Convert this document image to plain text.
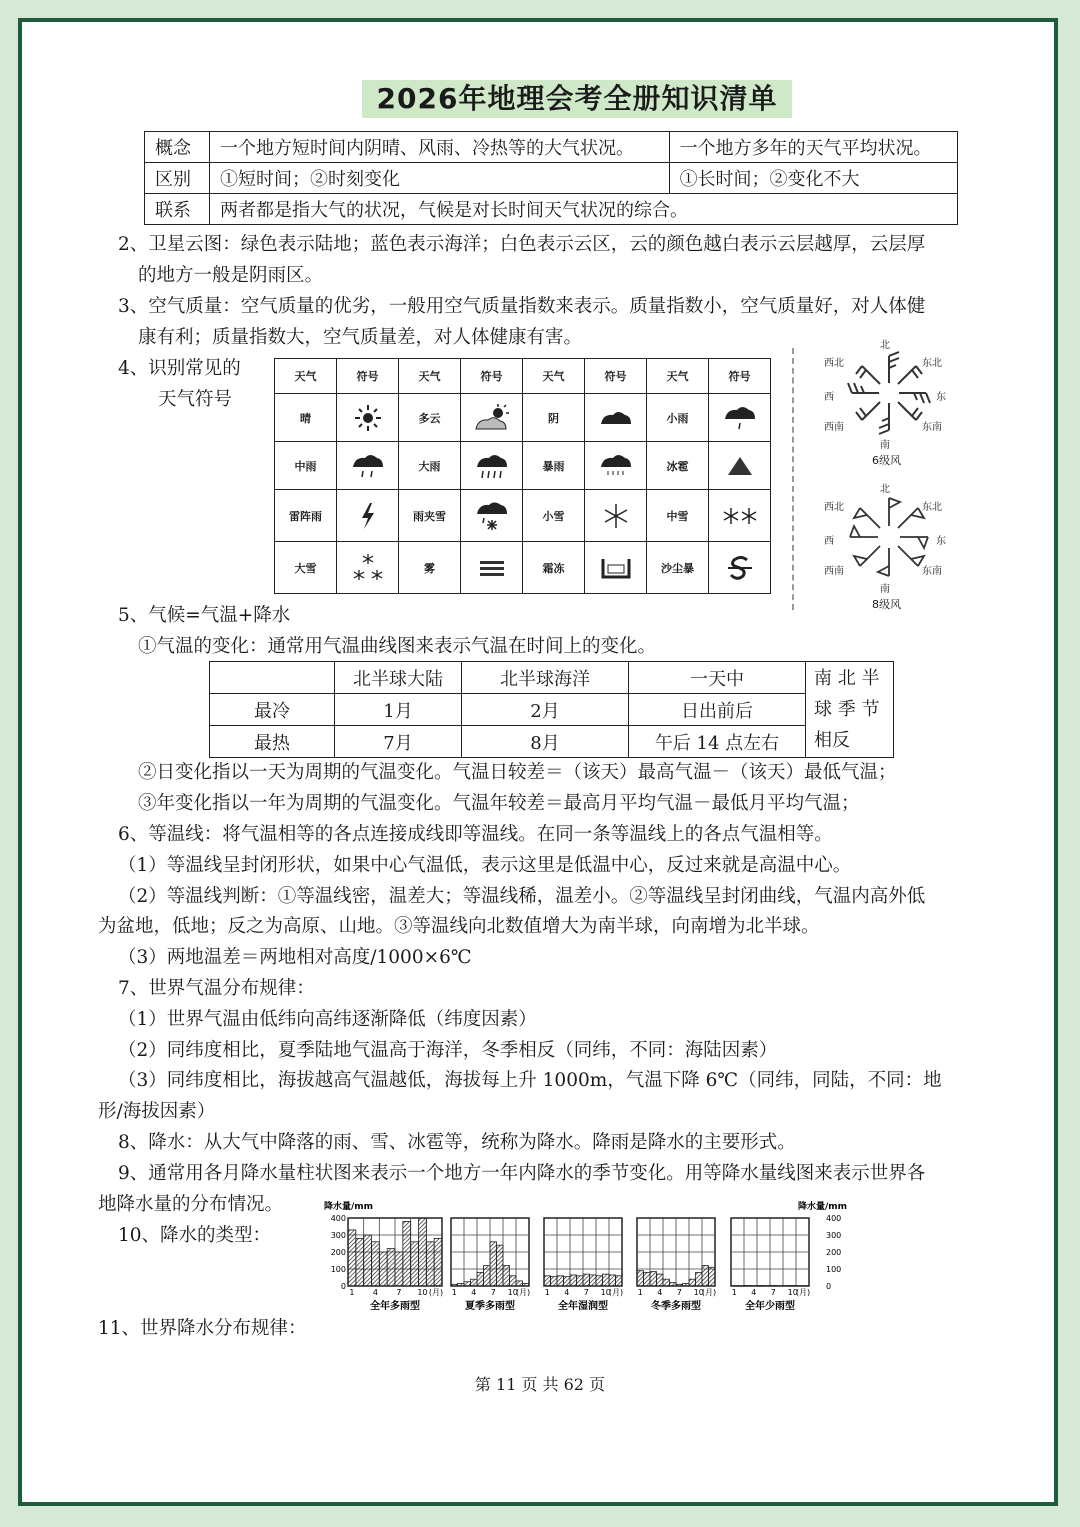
2026年地理会考全册知识清单
概念	一个地方短时间内阴晴、风雨、冷热等的大气状况。	一个地方多年的天气平均状况。
区别	①短时间；②时刻变化	①长时间；②变化不大
联系	两者都是指大气的状况，气候是对长时间天气状况的综合。	
2、卫星云图：绿色表示陆地；蓝色表示海洋；白色表示云区，云的颜色越白表示云层越厚，云层厚
的地方一般是阴雨区。
3、空气质量：空气质量的优劣，一般用空气质量指数来表示。质量指数小，空气质量好，对人体健
康有利；质量指数大，空气质量差，对人体健康有害。
4、识别常见的
天气符号
天气	符号	天气	符号	天气	符号	天气	符号
晴		多云		阴		小雨	

中雨		大雨		暴雨		冰雹	

雷阵雨		雨夹雪		小雪		中雪	

大雪		雾		霜冻		沙尘暴	
北
东北
东
东南
南
西南
西
西北
6级风
北
东北
东
东南
南
西南
西
西北
8级风
5、气候=气温+降水
①气温的变化：通常用气温曲线图来表示气温在时间上的变化。
	北半球大陆	北半球海洋	一天中	南 北 半
球 季 节
相反

最冷	1月	2月	日出前后	
最热	7月	8月	午后 14 点左右	
②日变化指以一天为周期的气温变化。气温日较差＝（该天）最高气温－（该天）最低气温；
③年变化指以一年为周期的气温变化。气温年较差＝最高月平均气温－最低月平均气温；
6、等温线：将气温相等的各点连接成线即等温线。在同一条等温线上的各点气温相等。
（1）等温线呈封闭形状，如果中心气温低，表示这里是低温中心，反过来就是高温中心。
（2）等温线判断：①等温线密，温差大；等温线稀，温差小。②等温线呈封闭曲线，气温内高外低
为盆地，低地；反之为高原、山地。③等温线向北数值增大为南半球，向南增为北半球。
（3）两地温差＝两地相对高度/1000×6℃
7、世界气温分布规律：
（1）世界气温由低纬向高纬逐渐降低（纬度因素）
（2）同纬度相比，夏季陆地气温高于海洋，冬季相反（同纬，不同：海陆因素）
（3）同纬度相比，海拔越高气温越低，海拔每上升 1000m，气温下降 6℃（同纬，同陆，不同：地
形/海拔因素）
8、降水：从大气中降落的雨、雪、冰雹等，统称为降水。降雨是降水的主要形式。
9、通常用各月降水量柱状图来表示一个地方一年内降水的季节变化。用等降水量线图来表示世界各
地降水量的分布情况。
10、降水的类型：
11、世界降水分布规律：
降水量/mm	降水量/mm
400	400
300	300
200	200
100	100
0	0
1 4 7 10 (月)
全年多雨型
1 4 7 10
(月)
夏季多雨型
1 4 7 10
(月)
全年湿润型
1 4 7 10
(月)
冬季多雨型
1 4 7 10
(月)
全年少雨型
第 11 页 共 62 页
